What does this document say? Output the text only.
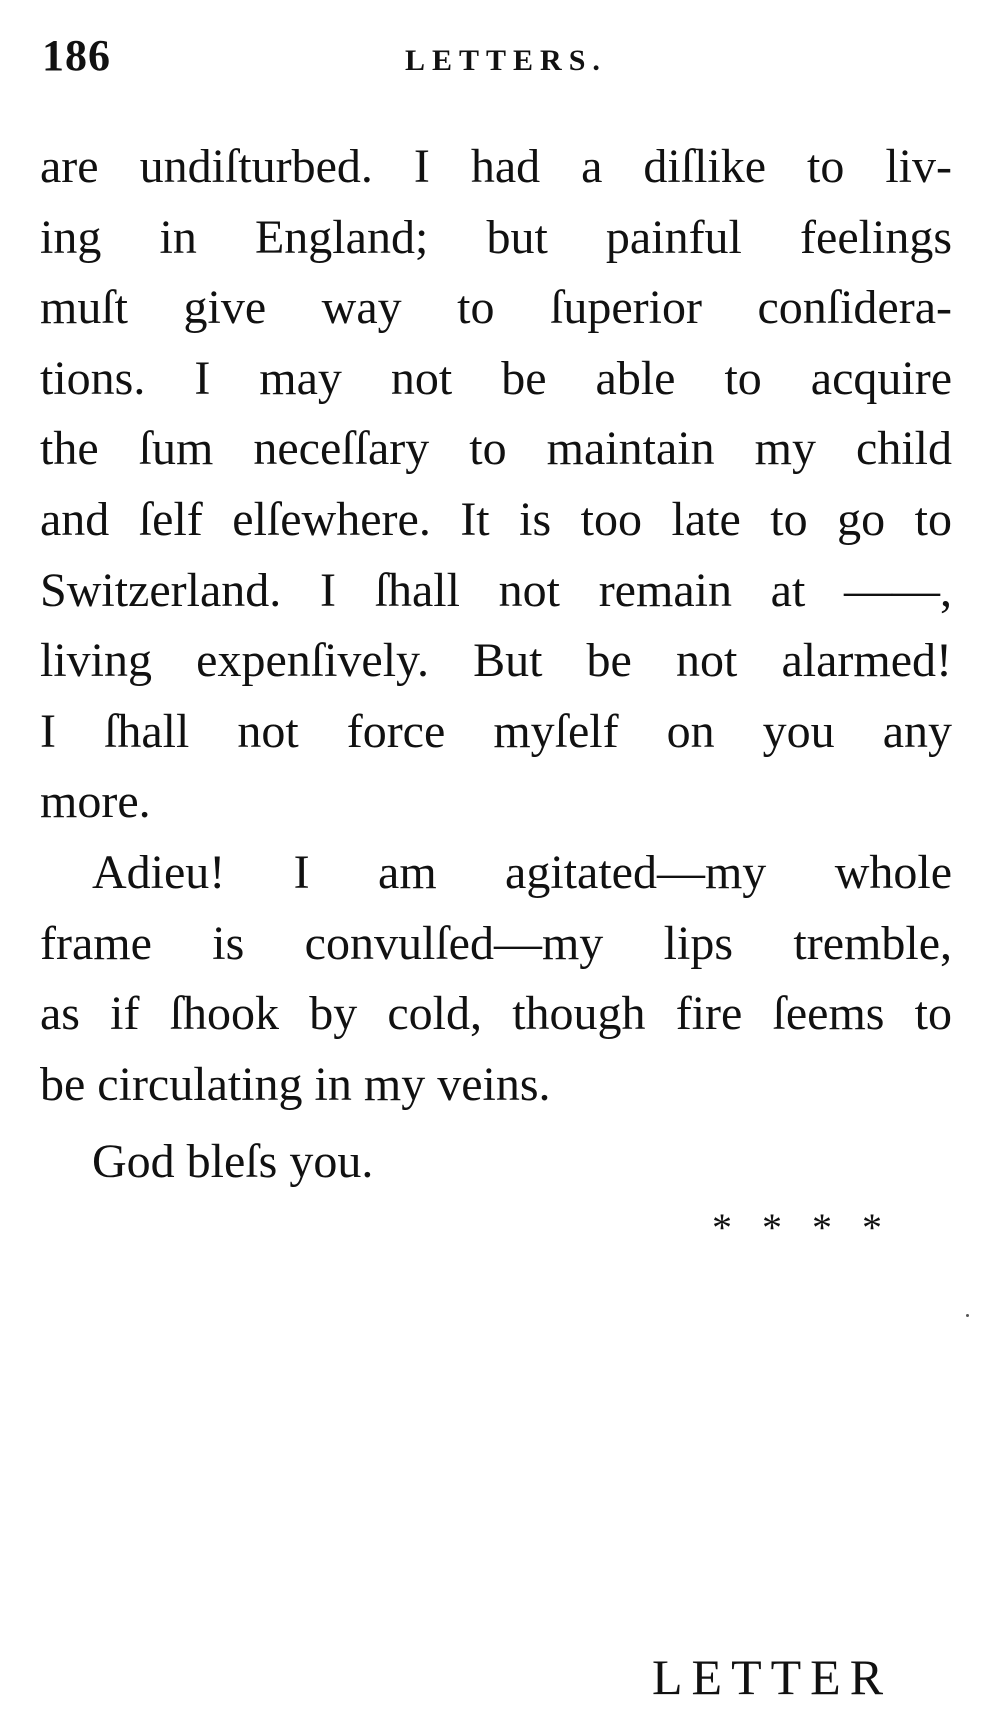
186	LETTERS.

are undiſturbed. I had a diſlike to liv-
ing in England; but painful feelings
muſt give way to ſuperior conſidera-
tions. I may not be able to acquire
the ſum neceſſary to maintain my child
and ſelf elſewhere. It is too late to go to
Switzerland. I ſhall not remain at ——,
living expenſively. But be not alarmed!
I ſhall not force myſelf on you any
more.
Adieu! I am agitated—my whole
frame is convulſed—my lips tremble,
as if ſhook by cold, though fire ſeems to
be circulating in my veins.

God bleſs you.

* * * *

LETTER
